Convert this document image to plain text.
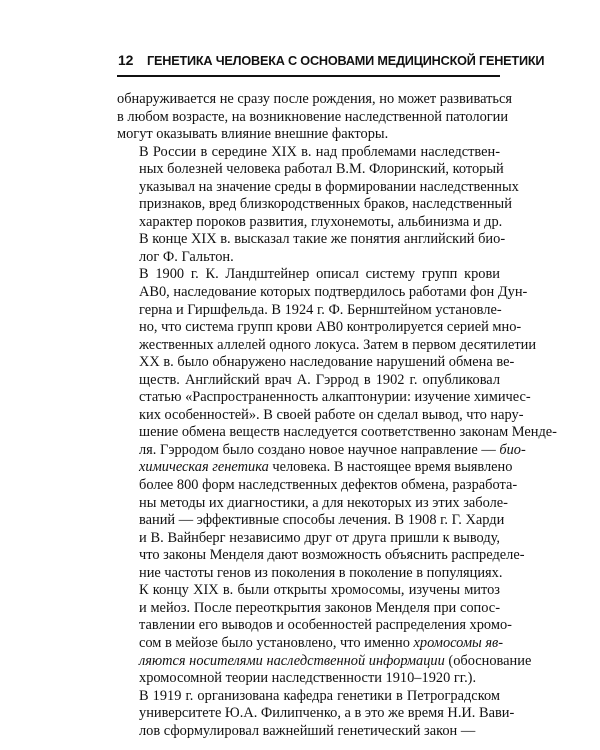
12 ГЕНЕТИКА ЧЕЛОВЕКА С ОСНОВАМИ МЕДИЦИНСКОЙ ГЕНЕТИКИ

обнаруживается не сразу после рождения, но может развиваться
в любом возрасте, на возникновение наследственной патологии
могут оказывать влияние внешние факторы.

В России в середине XIX в. над проблемами наследствен-
ных болезней человека работал В.М. Флоринский, который
указывал на значение среды в формировании наследственных
признаков, вред близкородственных браков, наследственный
характер пороков развития, глухонемоты, альбинизма и др.
В конце XIX в. высказал такие же понятия английский био-
лог Ф. Гальтон.

В 1900 г. К. Ландштейнер описал систему групп крови
АВ0, наследование которых подтвердилось работами фон Дун-
герна и Гиршфельда. В 1924 г. Ф. Бернштейном установле-
но, что система групп крови АВ0 контролируется серией мно-
жественных аллелей одного локуса. Затем в первом десятилетии
XX в. было обнаружено наследование нарушений обмена ве-
ществ. Английский врач А. Гэррод в 1902 г. опубликовал
статью «Распространенность алкаптонурии: изучение химичес-
ких особенностей». В своей работе он сделал вывод, что нару-
шение обмена веществ наследуется соответственно законам Менде-
ля. Гэрродом было создано новое научное направление — био-
химическая генетика человека. В настоящее время выявлено
более 800 форм наследственных дефектов обмена, разработа-
ны методы их диагностики, а для некоторых из этих заболе-
ваний — эффективные способы лечения. В 1908 г. Г. Харди
и В. Вайнберг независимо друг от друга пришли к выводу,
что законы Менделя дают возможность объяснить распределе-
ние частоты генов из поколения в поколение в популяциях.

К концу XIX в. были открыты хромосомы, изучены митоз
и мейоз. После переоткрытия законов Менделя при сопос-
тавлении его выводов и особенностей распределения хромо-
сом в мейозе было установлено, что именно хромосомы яв-
ляются носителями наследственной информации (обоснование
хромосомной теории наследственности 1910–1920 гг.).

В 1919 г. организована кафедра генетики в Петроградском
университете Ю.А. Филипченко, а в это же время Н.И. Вави-
лов сформулировал важнейший генетический закон —
